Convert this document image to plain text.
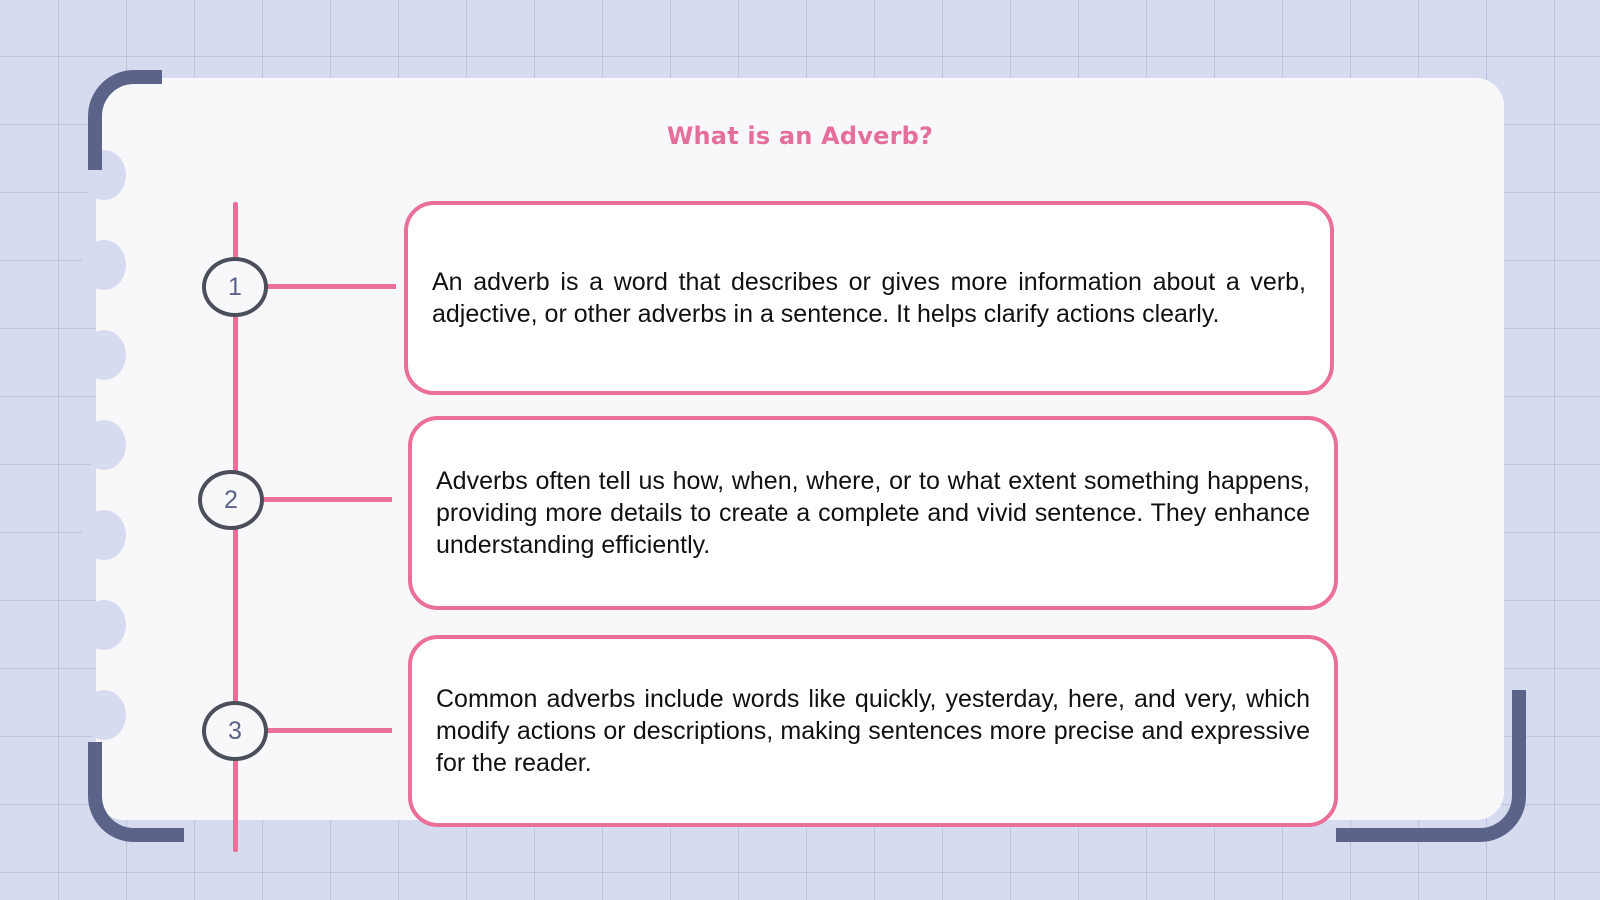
What is an Adverb?
1	An adverb is a word that describes or gives more information about a verb, adjective, or other adverbs in a sentence. It helps clarify actions clearly.

2

Adverbs often tell us how, when, where, or to what extent something happens, providing more details to create a complete and vivid sentence. They enhance understanding efficiently.

3

Common adverbs include words like quickly, yesterday, here, and very, which modify actions or descriptions, making sentences more precise and expressive for the reader.
